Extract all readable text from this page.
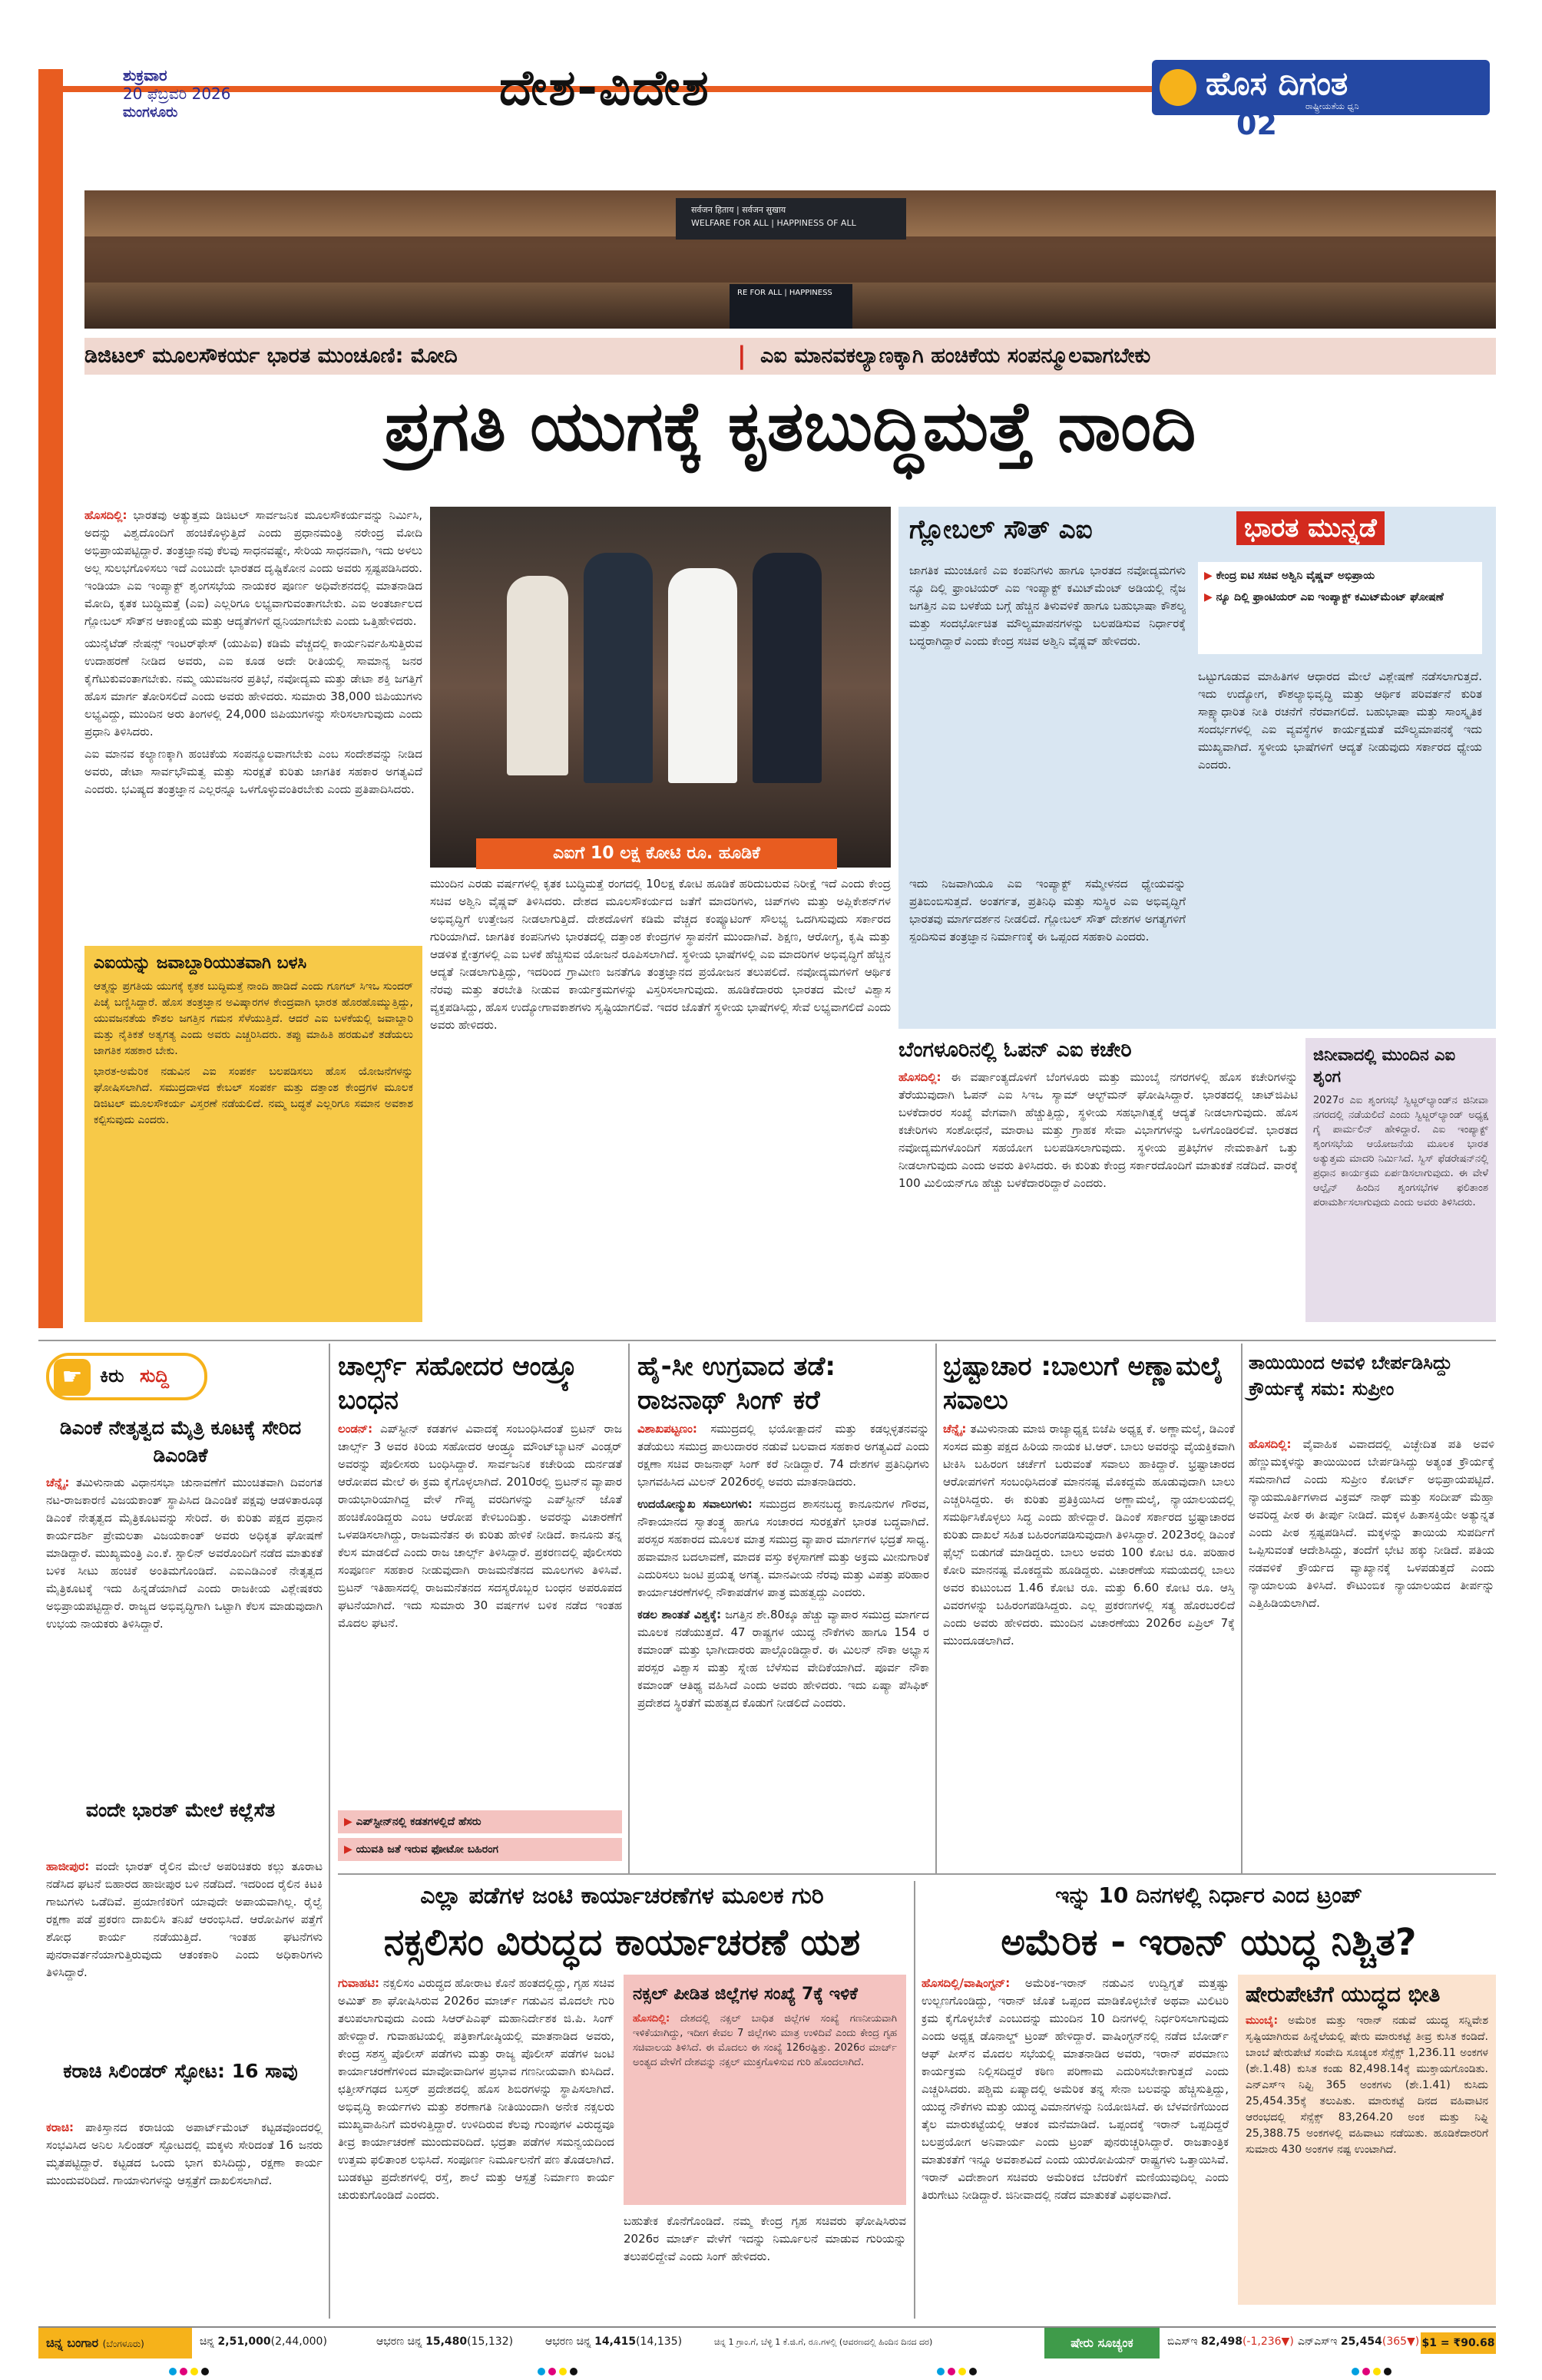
ಶುಕ್ರವಾರ
20 ಫೆಬ್ರವರಿ 2026
ಮಂಗಳೂರು	ದೇಶ-ವಿದೇಶ	ಹೊಸ ದಿಗಂತ
ರಾಷ್ಟ್ರೀಯತೆಯ ಧ್ವನಿ
02
सर्वजन हिताय | सर्वजन सुखाय
WELFARE FOR ALL | HAPPINESS OF ALL
RE FOR ALL | HAPPINESS
ಡಿಜಿಟಲ್ ಮೂಲಸೌಕರ್ಯ ಭಾರತ ಮುಂಚೂಣಿ: ಮೋದಿ	| ಎಐ ಮಾನವಕಲ್ಯಾಣಕ್ಕಾಗಿ ಹಂಚಿಕೆಯ ಸಂಪನ್ಮೂಲವಾಗಬೇಕು
ಪ್ರಗತಿ ಯುಗಕ್ಕೆ ಕೃತಬುದ್ಧಿಮತ್ತೆ ನಾಂದಿ

ಹೊಸದಿಲ್ಲಿ: ಭಾರತವು ಅತ್ಯುತ್ತಮ ಡಿಜಿಟಲ್ ಸಾರ್ವಜನಿಕ ಮೂಲಸೌಕರ್ಯವನ್ನು ನಿರ್ಮಿಸಿ, ಅದನ್ನು ವಿಶ್ವದೊಂದಿಗೆ ಹಂಚಿಕೊಳ್ಳುತ್ತಿದೆ ಎಂದು ಪ್ರಧಾನಮಂತ್ರಿ ನರೇಂದ್ರ ಮೋದಿ ಅಭಿಪ್ರಾಯಪಟ್ಟಿದ್ದಾರೆ. ತಂತ್ರಜ್ಞಾನವು ಕೆಲವು ಸಾಧನವಷ್ಟೇ, ಸೇರಿಯ ಸಾಧನವಾಗಿ, ಇದು ಅಳಲು ಅಲ್ಲ ಸುಲಭಗೊಳಿಸಲು ಇದೆ ಎಂಬುದೇ ಭಾರತದ ದೃಷ್ಟಿಕೋನ ಎಂದು ಅವರು ಸ್ಪಷ್ಟಪಡಿಸಿದರು. ಇಂಡಿಯಾ ಎಐ ಇಂಪ್ಯಾಕ್ಟ್ ಶೃಂಗಸಭೆಯ ನಾಯಕರ ಪೂರ್ಣ ಅಧಿವೇಶನದಲ್ಲಿ ಮಾತನಾಡಿದ ಮೋದಿ, ಕೃತಕ ಬುದ್ಧಿಮತ್ತೆ (ಎಐ) ಎಲ್ಲರಿಗೂ ಲಭ್ಯವಾಗುವಂತಾಗಬೇಕು. ಎಐ ಅಂತರ್ಜಾಲದ ಗ್ಲೋಬಲ್ ಸೌತ್‌ನ ಆಕಾಂಕ್ಷೆಯ ಮತ್ತು ಆದ್ಯತೆಗಳಿಗೆ ಧ್ವನಿಯಾಗಬೇಕು ಎಂದು ಒತ್ತಿಹೇಳಿದರು.

ಯುನೈಟೆಡ್ ನೇಷನ್ಸ್ ಇಂಟರ್‌ಫೇಸ್ (ಯುಪಿಐ) ಕಡಿಮೆ ವೆಚ್ಚದಲ್ಲಿ ಕಾರ್ಯನಿರ್ವಹಿಸುತ್ತಿರುವ ಉದಾಹರಣೆ ನೀಡಿದ ಅವರು, ಎಐ ಕೂಡ ಅದೇ ರೀತಿಯಲ್ಲಿ ಸಾಮಾನ್ಯ ಜನರ ಕೈಗೆಟುಕುವಂತಾಗಬೇಕು. ನಮ್ಮ ಯುವಜನರ ಪ್ರತಿಭೆ, ನವೋದ್ಯಮ ಮತ್ತು ಡೇಟಾ ಶಕ್ತಿ ಜಗತ್ತಿಗೆ ಹೊಸ ಮಾರ್ಗ ತೋರಿಸಲಿದೆ ಎಂದು ಅವರು ಹೇಳಿದರು. ಸುಮಾರು 38,000 ಜಿಪಿಯುಗಳು ಲಭ್ಯವಿದ್ದು, ಮುಂದಿನ ಅರು ತಿಂಗಳಲ್ಲಿ 24,000 ಜಿಪಿಯುಗಳನ್ನು ಸೇರಿಸಲಾಗುವುದು ಎಂದು ಪ್ರಧಾನಿ ತಿಳಿಸಿದರು.

ಎಐ ಮಾನವ ಕಲ್ಯಾಣಕ್ಕಾಗಿ ಹಂಚಿಕೆಯ ಸಂಪನ್ಮೂಲವಾಗಬೇಕು ಎಂಬ ಸಂದೇಶವನ್ನು ನೀಡಿದ ಅವರು, ಡೇಟಾ ಸಾರ್ವಭೌಮತ್ವ ಮತ್ತು ಸುರಕ್ಷತೆ ಕುರಿತು ಜಾಗತಿಕ ಸಹಕಾರ ಅಗತ್ಯವಿದೆ ಎಂದರು. ಭವಿಷ್ಯದ ತಂತ್ರಜ್ಞಾನ ಎಲ್ಲರನ್ನೂ ಒಳಗೊಳ್ಳುವಂತಿರಬೇಕು ಎಂದು ಪ್ರತಿಪಾದಿಸಿದರು.

ಎಐಗೆ 10 ಲಕ್ಷ ಕೋಟಿ ರೂ. ಹೂಡಿಕೆ

ಮುಂದಿನ ಎರಡು ವರ್ಷಗಳಲ್ಲಿ ಕೃತಕ ಬುದ್ಧಿಮತ್ತೆ ರಂಗದಲ್ಲಿ 10ಲಕ್ಷ ಕೋಟಿ ಹೂಡಿಕೆ ಹರಿದುಬರುವ ನಿರೀಕ್ಷೆ ಇದೆ ಎಂದು ಕೇಂದ್ರ ಸಚಿವ ಅಶ್ವಿನಿ ವೈಷ್ಣವ್ ತಿಳಿಸಿದರು. ದೇಶದ ಮೂಲಸೌಕರ್ಯದ ಜತೆಗೆ ಮಾದರಿಗಳು, ಚಿಪ್‌ಗಳು ಮತ್ತು ಅಪ್ಲಿಕೇಶನ್‌ಗಳ ಅಭಿವೃದ್ಧಿಗೆ ಉತ್ತೇಜನ ನೀಡಲಾಗುತ್ತಿದೆ. ದೇಶದೊಳಗೆ ಕಡಿಮೆ ವೆಚ್ಚದ ಕಂಪ್ಯೂಟಿಂಗ್ ಸೌಲಭ್ಯ ಒದಗಿಸುವುದು ಸರ್ಕಾರದ ಗುರಿಯಾಗಿದೆ. ಜಾಗತಿಕ ಕಂಪನಿಗಳು ಭಾರತದಲ್ಲಿ ದತ್ತಾಂಶ ಕೇಂದ್ರಗಳ ಸ್ಥಾಪನೆಗೆ ಮುಂದಾಗಿವೆ. ಶಿಕ್ಷಣ, ಆರೋಗ್ಯ, ಕೃಷಿ ಮತ್ತು ಆಡಳಿತ ಕ್ಷೇತ್ರಗಳಲ್ಲಿ ಎಐ ಬಳಕೆ ಹೆಚ್ಚಿಸುವ ಯೋಜನೆ ರೂಪಿಸಲಾಗಿದೆ. ಸ್ಥಳೀಯ ಭಾಷೆಗಳಲ್ಲಿ ಎಐ ಮಾದರಿಗಳ ಅಭಿವೃದ್ಧಿಗೆ ಹೆಚ್ಚಿನ ಆದ್ಯತೆ ನೀಡಲಾಗುತ್ತಿದ್ದು, ಇದರಿಂದ ಗ್ರಾಮೀಣ ಜನತೆಗೂ ತಂತ್ರಜ್ಞಾನದ ಪ್ರಯೋಜನ ತಲುಪಲಿದೆ. ನವೋದ್ಯಮಗಳಿಗೆ ಆರ್ಥಿಕ ನೆರವು ಮತ್ತು ತರಬೇತಿ ನೀಡುವ ಕಾರ್ಯಕ್ರಮಗಳನ್ನು ವಿಸ್ತರಿಸಲಾಗುವುದು. ಹೂಡಿಕೆದಾರರು ಭಾರತದ ಮೇಲೆ ವಿಶ್ವಾಸ ವ್ಯಕ್ತಪಡಿಸಿದ್ದು, ಹೊಸ ಉದ್ಯೋಗಾವಕಾಶಗಳು ಸೃಷ್ಟಿಯಾಗಲಿವೆ. ಇದರ ಜೊತೆಗೆ ಸ್ಥಳೀಯ ಭಾಷೆಗಳಲ್ಲಿ ಸೇವೆ ಲಭ್ಯವಾಗಲಿದೆ ಎಂದು ಅವರು ಹೇಳಿದರು.

ಎಐಯನ್ನು ಜವಾಬ್ದಾರಿಯುತವಾಗಿ ಬಳಸಿ

ಆತ್ಮನ್ನು ಪ್ರಗತಿಯ ಯುಗಕ್ಕೆ ಕೃತಕ ಬುದ್ಧಿಮತ್ತೆ ನಾಂದಿ ಹಾಡಿದೆ ಎಂದು ಗೂಗಲ್ ಸಿಇಒ ಸುಂದರ್ ಪಿಚೈ ಬಣ್ಣಿಸಿದ್ದಾರೆ. ಹೊಸ ತಂತ್ರಜ್ಞಾನ ಅವಿಷ್ಕಾರಗಳ ಕೇಂದ್ರವಾಗಿ ಭಾರತ ಹೊರಹೊಮ್ಮುತ್ತಿದ್ದು, ಯುವಜನತೆಯ ಕೌಶಲ ಜಗತ್ತಿನ ಗಮನ ಸೆಳೆಯುತ್ತಿದೆ. ಆದರೆ ಎಐ ಬಳಕೆಯಲ್ಲಿ ಜವಾಬ್ದಾರಿ ಮತ್ತು ನೈತಿಕತೆ ಅತ್ಯಗತ್ಯ ಎಂದು ಅವರು ಎಚ್ಚರಿಸಿದರು. ತಪ್ಪು ಮಾಹಿತಿ ಹರಡುವಿಕೆ ತಡೆಯಲು ಜಾಗತಿಕ ಸಹಕಾರ ಬೇಕು.

ಭಾರತ-ಅಮೆರಿಕ ನಡುವಿನ ಎಐ ಸಂಪರ್ಕ ಬಲಪಡಿಸಲು ಹೊಸ ಯೋಜನೆಗಳನ್ನು ಘೋಷಿಸಲಾಗಿದೆ. ಸಮುದ್ರದಾಳದ ಕೇಬಲ್ ಸಂಪರ್ಕ ಮತ್ತು ದತ್ತಾಂಶ ಕೇಂದ್ರಗಳ ಮೂಲಕ ಡಿಜಿಟಲ್ ಮೂಲಸೌಕರ್ಯ ವಿಸ್ತರಣೆ ನಡೆಯಲಿದೆ. ನಮ್ಮ ಬದ್ಧತೆ ಎಲ್ಲರಿಗೂ ಸಮಾನ ಅವಕಾಶ ಕಲ್ಪಿಸುವುದು ಎಂದರು.

ಗ್ಲೋಬಲ್ ಸೌತ್ ಎಐ	ಭಾರತ ಮುನ್ನಡೆ
ಜಾಗತಿಕ ಮುಂಚೂಣಿ ಎಐ ಕಂಪನಿಗಳು ಹಾಗೂ ಭಾರತದ ನವೋದ್ಯಮಗಳು ನ್ಯೂ ದಿಲ್ಲಿ ಫ್ರಾಂಟಿಯರ್ ಎಐ ಇಂಪ್ಯಾಕ್ಟ್ ಕಮಿಟ್‌ಮೆಂಟ್ ಅಡಿಯಲ್ಲಿ ನೈಜ ಜಗತ್ತಿನ ಎಐ ಬಳಕೆಯ ಬಗ್ಗೆ ಹೆಚ್ಚಿನ ತಿಳುವಳಿಕೆ ಹಾಗೂ ಬಹುಭಾಷಾ ಕೌಶಲ್ಯ ಮತ್ತು ಸಂದರ್ಭೋಚಿತ ಮೌಲ್ಯಮಾಪನಗಳನ್ನು ಬಲಪಡಿಸುವ ನಿರ್ಧಾರಕ್ಕೆ ಬದ್ಧರಾಗಿದ್ದಾರೆ ಎಂದು ಕೇಂದ್ರ ಸಚಿವ ಅಶ್ವಿನಿ ವೈಷ್ಣವ್ ಹೇಳಿದರು.
▶ ಕೇಂದ್ರ ಐಟಿ ಸಚಿವ ಅಶ್ವಿನಿ ವೈಷ್ಣವ್ ಅಭಿಪ್ರಾಯ
▶ ನ್ಯೂ ದಿಲ್ಲಿ ಫ್ರಾಂಟಿಯರ್ ಎಐ ಇಂಪ್ಯಾಕ್ಟ್ ಕಮಿಟ್‌ಮೆಂಟ್ ಘೋಷಣೆ
ಒಟ್ಟುಗೂಡುವ ಮಾಹಿತಿಗಳ ಆಧಾರದ ಮೇಲೆ ವಿಶ್ಲೇಷಣೆ ನಡೆಸಲಾಗುತ್ತದೆ. ಇದು ಉದ್ಯೋಗ, ಕೌಶಲ್ಯಾಭಿವೃದ್ಧಿ ಮತ್ತು ಆರ್ಥಿಕ ಪರಿವರ್ತನೆ ಕುರಿತ ಸಾಕ್ಷ್ಯಾಧಾರಿತ ನೀತಿ ರಚನೆಗೆ ನೆರವಾಗಲಿದೆ. ಬಹುಭಾಷಾ ಮತ್ತು ಸಾಂಸ್ಕೃತಿಕ ಸಂದರ್ಭಗಳಲ್ಲಿ ಎಐ ವ್ಯವಸ್ಥೆಗಳ ಕಾರ್ಯಕ್ಷಮತೆ ಮೌಲ್ಯಮಾಪನಕ್ಕೆ ಇದು ಮುಖ್ಯವಾಗಿದೆ. ಸ್ಥಳೀಯ ಭಾಷೆಗಳಿಗೆ ಆದ್ಯತೆ ನೀಡುವುದು ಸರ್ಕಾರದ ಧ್ಯೇಯ ಎಂದರು.
ಇದು ನಿಜವಾಗಿಯೂ ಎಐ ಇಂಪ್ಯಾಕ್ಟ್ ಸಮ್ಮೇಳನದ ಧ್ಯೇಯವನ್ನು ಪ್ರತಿಬಿಂಬಿಸುತ್ತದೆ. ಅಂತರ್ಗತ, ಪ್ರತಿನಿಧಿ ಮತ್ತು ಸುಸ್ಥಿರ ಎಐ ಅಭಿವೃದ್ಧಿಗೆ ಭಾರತವು ಮಾರ್ಗದರ್ಶನ ನೀಡಲಿದೆ. ಗ್ಲೋಬಲ್ ಸೌತ್ ದೇಶಗಳ ಅಗತ್ಯಗಳಿಗೆ ಸ್ಪಂದಿಸುವ ತಂತ್ರಜ್ಞಾನ ನಿರ್ಮಾಣಕ್ಕೆ ಈ ಒಪ್ಪಂದ ಸಹಕಾರಿ ಎಂದರು.
ಬೆಂಗಳೂರಿನಲ್ಲಿ ಓಪನ್ ಎಐ ಕಚೇರಿ

ಹೊಸದಿಲ್ಲಿ: ಈ ವರ್ಷಾಂತ್ಯದೊಳಗೆ ಬೆಂಗಳೂರು ಮತ್ತು ಮುಂಬೈ ನಗರಗಳಲ್ಲಿ ಹೊಸ ಕಚೇರಿಗಳನ್ನು ತೆರೆಯುವುದಾಗಿ ಓಪನ್ ಎಐ ಸಿಇಒ ಸ್ಯಾಮ್ ಆಲ್ಟ್‌ಮನ್ ಘೋಷಿಸಿದ್ದಾರೆ. ಭಾರತದಲ್ಲಿ ಚಾಟ್‌ಜಿಪಿಟಿ ಬಳಕೆದಾರರ ಸಂಖ್ಯೆ ವೇಗವಾಗಿ ಹೆಚ್ಚುತ್ತಿದ್ದು, ಸ್ಥಳೀಯ ಸಹಭಾಗಿತ್ವಕ್ಕೆ ಆದ್ಯತೆ ನೀಡಲಾಗುವುದು. ಹೊಸ ಕಚೇರಿಗಳು ಸಂಶೋಧನೆ, ಮಾರಾಟ ಮತ್ತು ಗ್ರಾಹಕ ಸೇವಾ ವಿಭಾಗಗಳನ್ನು ಒಳಗೊಂಡಿರಲಿವೆ. ಭಾರತದ ನವೋದ್ಯಮಗಳೊಂದಿಗೆ ಸಹಯೋಗ ಬಲಪಡಿಸಲಾಗುವುದು. ಸ್ಥಳೀಯ ಪ್ರತಿಭೆಗಳ ನೇಮಕಾತಿಗೆ ಒತ್ತು ನೀಡಲಾಗುವುದು ಎಂದು ಅವರು ತಿಳಿಸಿದರು. ಈ ಕುರಿತು ಕೇಂದ್ರ ಸರ್ಕಾರದೊಂದಿಗೆ ಮಾತುಕತೆ ನಡೆದಿದೆ. ವಾರಕ್ಕೆ 100 ಮಿಲಿಯನ್‌ಗೂ ಹೆಚ್ಚು ಬಳಕೆದಾರರಿದ್ದಾರೆ ಎಂದರು.

ಜಿನೀವಾದಲ್ಲಿ ಮುಂದಿನ ಎಐ ಶೃಂಗ
2027ರ ಎಐ ಶೃಂಗಸಭೆ ಸ್ವಿಟ್ಜರ್‌ಲ್ಯಾಂಡ್‌ನ ಜಿನೀವಾ ನಗರದಲ್ಲಿ ನಡೆಯಲಿದೆ ಎಂದು ಸ್ವಿಟ್ಜರ್‌ಲ್ಯಾಂಡ್ ಅಧ್ಯಕ್ಷ ಗೈ ಪಾರ್ಮಲಿನ್ ಹೇಳಿದ್ದಾರೆ. ಎಐ ಇಂಪ್ಯಾಕ್ಟ್ ಶೃಂಗಸಭೆಯ ಆಯೋಜನೆಯ ಮೂಲಕ ಭಾರತ ಅತ್ಯುತ್ತಮ ಮಾದರಿ ನಿರ್ಮಿಸಿದೆ. ಸ್ವಿಸ್ ಫೆಡರೇಷನ್‌ನಲ್ಲಿ ಪ್ರಧಾನ ಕಾರ್ಯಕ್ರಮ ಏರ್ಪಡಿಸಲಾಗುವುದು. ಈ ವೇಳೆ ಆಲ್ಪೈನ್ ಹಿಂದಿನ ಶೃಂಗಸಭೆಗಳ ಫಲಿತಾಂಶ ಪರಾಮರ್ಶಿಸಲಾಗುವುದು ಎಂದು ಅವರು ತಿಳಿಸಿದರು.
☛ ಕಿರು ಸುದ್ದಿ
ಡಿಎಂಕೆ ನೇತೃತ್ವದ ಮೈತ್ರಿ ಕೂಟಕ್ಕೆ ಸೇರಿದ ಡಿಎಂಡಿಕೆ

ಚೆನ್ನೈ: ತಮಿಳುನಾಡು ವಿಧಾನಸಭಾ ಚುನಾವಣೆಗೆ ಮುಂಚಿತವಾಗಿ ದಿವಂಗತ ನಟ-ರಾಜಕಾರಣಿ ವಿಜಯಕಾಂತ್ ಸ್ಥಾಪಿಸಿದ ಡಿಎಂಡಿಕೆ ಪಕ್ಷವು ಆಡಳಿತಾರೂಢ ಡಿಎಂಕೆ ನೇತೃತ್ವದ ಮೈತ್ರಿಕೂಟವನ್ನು ಸೇರಿದೆ. ಈ ಕುರಿತು ಪಕ್ಷದ ಪ್ರಧಾನ ಕಾರ್ಯದರ್ಶಿ ಪ್ರೇಮಲತಾ ವಿಜಯಕಾಂತ್ ಅವರು ಅಧಿಕೃತ ಘೋಷಣೆ ಮಾಡಿದ್ದಾರೆ. ಮುಖ್ಯಮಂತ್ರಿ ಎಂ.ಕೆ. ಸ್ಟಾಲಿನ್ ಅವರೊಂದಿಗೆ ನಡೆದ ಮಾತುಕತೆ ಬಳಿಕ ಸೀಟು ಹಂಚಿಕೆ ಅಂತಿಮಗೊಂಡಿದೆ. ಎಐಎಡಿಎಂಕೆ ನೇತೃತ್ವದ ಮೈತ್ರಿಕೂಟಕ್ಕೆ ಇದು ಹಿನ್ನಡೆಯಾಗಿದೆ ಎಂದು ರಾಜಕೀಯ ವಿಶ್ಲೇಷಕರು ಅಭಿಪ್ರಾಯಪಟ್ಟಿದ್ದಾರೆ. ರಾಜ್ಯದ ಅಭಿವೃದ್ಧಿಗಾಗಿ ಒಟ್ಟಾಗಿ ಕೆಲಸ ಮಾಡುವುದಾಗಿ ಉಭಯ ನಾಯಕರು ತಿಳಿಸಿದ್ದಾರೆ.

ವಂದೇ ಭಾರತ್ ಮೇಲೆ ಕಲ್ಲೆಸೆತ

ಹಾಜೀಪುರ: ವಂದೇ ಭಾರತ್ ರೈಲಿನ ಮೇಲೆ ಅಪರಿಚಿತರು ಕಲ್ಲು ತೂರಾಟ ನಡೆಸಿದ ಘಟನೆ ಬಿಹಾರದ ಹಾಜೀಪುರ ಬಳಿ ನಡೆದಿದೆ. ಇದರಿಂದ ರೈಲಿನ ಕಿಟಕಿ ಗಾಜುಗಳು ಒಡೆದಿವೆ. ಪ್ರಯಾಣಿಕರಿಗೆ ಯಾವುದೇ ಅಪಾಯವಾಗಿಲ್ಲ. ರೈಲ್ವೆ ರಕ್ಷಣಾ ಪಡೆ ಪ್ರಕರಣ ದಾಖಲಿಸಿ ತನಿಖೆ ಆರಂಭಿಸಿದೆ. ಆರೋಪಿಗಳ ಪತ್ತೆಗೆ ಶೋಧ ಕಾರ್ಯ ನಡೆಯುತ್ತಿದೆ. ಇಂತಹ ಘಟನೆಗಳು ಪುನರಾವರ್ತನೆಯಾಗುತ್ತಿರುವುದು ಆತಂಕಕಾರಿ ಎಂದು ಅಧಿಕಾರಿಗಳು ತಿಳಿಸಿದ್ದಾರೆ.

ಕರಾಚಿ ಸಿಲಿಂಡರ್ ಸ್ಫೋಟ: 16 ಸಾವು

ಕರಾಚಿ: ಪಾಕಿಸ್ತಾನದ ಕರಾಚಿಯ ಅಪಾರ್ಟ್‌ಮೆಂಟ್ ಕಟ್ಟಡವೊಂದರಲ್ಲಿ ಸಂಭವಿಸಿದ ಅನಿಲ ಸಿಲಿಂಡರ್ ಸ್ಫೋಟದಲ್ಲಿ ಮಕ್ಕಳು ಸೇರಿದಂತೆ 16 ಜನರು ಮೃತಪಟ್ಟಿದ್ದಾರೆ. ಕಟ್ಟಡದ ಒಂದು ಭಾಗ ಕುಸಿದಿದ್ದು, ರಕ್ಷಣಾ ಕಾರ್ಯ ಮುಂದುವರಿದಿದೆ. ಗಾಯಾಳುಗಳನ್ನು ಆಸ್ಪತ್ರೆಗೆ ದಾಖಲಿಸಲಾಗಿದೆ.

ಚಾರ್ಲ್ಸ್ ಸಹೋದರ ಆಂಡ್ರ್ಯೂ ಬಂಧನ

ಲಂಡನ್: ಎಪ್‌ಸ್ಟೀನ್ ಕಡತಗಳ ವಿವಾದಕ್ಕೆ ಸಂಬಂಧಿಸಿದಂತೆ ಬ್ರಿಟನ್ ರಾಜ ಚಾರ್ಲ್ಸ್ 3 ಅವರ ಕಿರಿಯ ಸಹೋದರ ಆಂಡ್ರ್ಯೂ ಮೌಂಟ್‌ಬ್ಯಾಟನ್ ವಿಂಡ್ಸರ್ ಅವರನ್ನು ಪೊಲೀಸರು ಬಂಧಿಸಿದ್ದಾರೆ. ಸಾರ್ವಜನಿಕ ಕಚೇರಿಯ ದುರ್ನಡತೆ ಆರೋಪದ ಮೇಲೆ ಈ ಕ್ರಮ ಕೈಗೊಳ್ಳಲಾಗಿದೆ. 2010ರಲ್ಲಿ ಬ್ರಿಟನ್‌ನ ವ್ಯಾಪಾರ ರಾಯಭಾರಿಯಾಗಿದ್ದ ವೇಳೆ ಗೌಪ್ಯ ವರದಿಗಳನ್ನು ಎಪ್‌ಸ್ಟೀನ್ ಜೊತೆ ಹಂಚಿಕೊಂಡಿದ್ದರು ಎಂಬ ಆರೋಪ ಕೇಳಿಬಂದಿತ್ತು. ಅವರನ್ನು ವಿಚಾರಣೆಗೆ ಒಳಪಡಿಸಲಾಗಿದ್ದು, ರಾಜಮನೆತನ ಈ ಕುರಿತು ಹೇಳಿಕೆ ನೀಡಿದೆ. ಕಾನೂನು ತನ್ನ ಕೆಲಸ ಮಾಡಲಿದೆ ಎಂದು ರಾಜ ಚಾರ್ಲ್ಸ್ ತಿಳಿಸಿದ್ದಾರೆ. ಪ್ರಕರಣದಲ್ಲಿ ಪೊಲೀಸರು ಸಂಪೂರ್ಣ ಸಹಕಾರ ನೀಡುವುದಾಗಿ ರಾಜಮನೆತನದ ಮೂಲಗಳು ತಿಳಿಸಿವೆ. ಬ್ರಿಟನ್ ಇತಿಹಾಸದಲ್ಲಿ ರಾಜಮನೆತನದ ಸದಸ್ಯರೊಬ್ಬರ ಬಂಧನ ಅಪರೂಪದ ಘಟನೆಯಾಗಿದೆ. ಇದು ಸುಮಾರು 30 ವರ್ಷಗಳ ಬಳಿಕ ನಡೆದ ಇಂತಹ ಮೊದಲ ಘಟನೆ.

▶ ಎಪ್‌ಸ್ಟೀನ್‌ನಲ್ಲಿ ಕಡತಗಳಲ್ಲಿದೆ ಹೆಸರು
▶ ಯುವತಿ ಜತೆ ಇರುವ ಫೋಟೋ ಬಹಿರಂಗ
ಹೈ-ಸೀ ಉಗ್ರವಾದ ತಡೆ: ರಾಜನಾಥ್ ಸಿಂಗ್ ಕರೆ

ವಿಶಾಖಪಟ್ಟಣಂ: ಸಮುದ್ರದಲ್ಲಿ ಭಯೋತ್ಪಾದನೆ ಮತ್ತು ಕಡಲ್ಗಳ್ಳತನವನ್ನು ತಡೆಯಲು ಸಮುದ್ರ ಪಾಲುದಾರರ ನಡುವೆ ಬಲವಾದ ಸಹಕಾರ ಅಗತ್ಯವಿದೆ ಎಂದು ರಕ್ಷಣಾ ಸಚಿವ ರಾಜನಾಥ್ ಸಿಂಗ್ ಕರೆ ನೀಡಿದ್ದಾರೆ. 74 ದೇಶಗಳ ಪ್ರತಿನಿಧಿಗಳು ಭಾಗವಹಿಸಿದ ಮಿಲನ್ 2026ರಲ್ಲಿ ಅವರು ಮಾತನಾಡಿದರು.

ಉದಯೋನ್ಮುಖ ಸವಾಲುಗಳು: ಸಮುದ್ರದ ಶಾಸನಬದ್ಧ ಕಾನೂನುಗಳ ಗೌರವ, ನೌಕಾಯಾನದ ಸ್ವಾತಂತ್ರ್ಯ ಹಾಗೂ ಸಂಚಾರದ ಸುರಕ್ಷತೆಗೆ ಭಾರತ ಬದ್ಧವಾಗಿದೆ. ಪರಸ್ಪರ ಸಹಕಾರದ ಮೂಲಕ ಮಾತ್ರ ಸಮುದ್ರ ವ್ಯಾಪಾರ ಮಾರ್ಗಗಳ ಭದ್ರತೆ ಸಾಧ್ಯ. ಹವಾಮಾನ ಬದಲಾವಣೆ, ಮಾದಕ ವಸ್ತು ಕಳ್ಳಸಾಗಣೆ ಮತ್ತು ಅಕ್ರಮ ಮೀನುಗಾರಿಕೆ ಎದುರಿಸಲು ಜಂಟಿ ಪ್ರಯತ್ನ ಅಗತ್ಯ. ಮಾನವೀಯ ನೆರವು ಮತ್ತು ವಿಪತ್ತು ಪರಿಹಾರ ಕಾರ್ಯಾಚರಣೆಗಳಲ್ಲಿ ನೌಕಾಪಡೆಗಳ ಪಾತ್ರ ಮಹತ್ವದ್ದು ಎಂದರು.

ಕಡಲ ಶಾಂತತೆ ವಿಶ್ವಕ್ಕೆ: ಜಗತ್ತಿನ ಶೇ.80ಕ್ಕೂ ಹೆಚ್ಚು ವ್ಯಾಪಾರ ಸಮುದ್ರ ಮಾರ್ಗದ ಮೂಲಕ ನಡೆಯುತ್ತದೆ. 47 ರಾಷ್ಟ್ರಗಳ ಯುದ್ಧ ನೌಕೆಗಳು ಹಾಗೂ 154 ರ ಕಮಾಂಡ್ ಮತ್ತು ಭಾಗೀದಾರರು ಪಾಲ್ಗೊಂಡಿದ್ದಾರೆ. ಈ ಮಿಲನ್ ನೌಕಾ ಅಭ್ಯಾಸ ಪರಸ್ಪರ ವಿಶ್ವಾಸ ಮತ್ತು ಸ್ನೇಹ ಬೆಳೆಸುವ ವೇದಿಕೆಯಾಗಿದೆ. ಪೂರ್ವ ನೌಕಾ ಕಮಾಂಡ್ ಆತಿಥ್ಯ ವಹಿಸಿದೆ ಎಂದು ಅವರು ಹೇಳಿದರು. ಇದು ಏಷ್ಯಾ ಪೆಸಿಫಿಕ್ ಪ್ರದೇಶದ ಸ್ಥಿರತೆಗೆ ಮಹತ್ವದ ಕೊಡುಗೆ ನೀಡಲಿದೆ ಎಂದರು.

ಭ್ರಷ್ಟಾಚಾರ :ಬಾಲುಗೆ ಅಣ್ಣಾಮಲೈ ಸವಾಲು

ಚೆನ್ನೈ: ತಮಿಳುನಾಡು ಮಾಜಿ ರಾಜ್ಯಾಧ್ಯಕ್ಷ ಬಿಜೆಪಿ ಅಧ್ಯಕ್ಷ ಕೆ. ಅಣ್ಣಾಮಲೈ, ಡಿಎಂಕೆ ಸಂಸದ ಮತ್ತು ಪಕ್ಷದ ಹಿರಿಯ ನಾಯಕ ಟಿ.ಆರ್. ಬಾಲು ಅವರನ್ನು ವೈಯಕ್ತಿಕವಾಗಿ ಟೀಕಿಸಿ ಬಹಿರಂಗ ಚರ್ಚೆಗೆ ಬರುವಂತೆ ಸವಾಲು ಹಾಕಿದ್ದಾರೆ. ಭ್ರಷ್ಟಾಚಾರದ ಆರೋಪಗಳಿಗೆ ಸಂಬಂಧಿಸಿದಂತೆ ಮಾನನಷ್ಟ ಮೊಕದ್ದಮೆ ಹೂಡುವುದಾಗಿ ಬಾಲು ಎಚ್ಚರಿಸಿದ್ದರು. ಈ ಕುರಿತು ಪ್ರತಿಕ್ರಿಯಿಸಿದ ಅಣ್ಣಾಮಲೈ, ನ್ಯಾಯಾಲಯದಲ್ಲಿ ಸಮರ್ಥಿಸಿಕೊಳ್ಳಲು ಸಿದ್ಧ ಎಂದು ಹೇಳಿದ್ದಾರೆ. ಡಿಎಂಕೆ ಸರ್ಕಾರದ ಭ್ರಷ್ಟಾಚಾರದ ಕುರಿತು ದಾಖಲೆ ಸಹಿತ ಬಹಿರಂಗಪಡಿಸುವುದಾಗಿ ತಿಳಿಸಿದ್ದಾರೆ. 2023ರಲ್ಲಿ ಡಿಎಂಕೆ ಫೈಲ್ಸ್ ಬಿಡುಗಡೆ ಮಾಡಿದ್ದರು. ಬಾಲು ಅವರು 100 ಕೋಟಿ ರೂ. ಪರಿಹಾರ ಕೋರಿ ಮಾನನಷ್ಟ ಮೊಕದ್ದಮೆ ಹೂಡಿದ್ದರು. ವಿಚಾರಣೆಯ ಸಮಯದಲ್ಲಿ ಬಾಲು ಅವರ ಕುಟುಂಬದ 1.46 ಕೋಟಿ ರೂ. ಮತ್ತು 6.60 ಕೋಟಿ ರೂ. ಆಸ್ತಿ ವಿವರಗಳನ್ನು ಬಹಿರಂಗಪಡಿಸಿದ್ದರು. ಎಲ್ಲ ಪ್ರಕರಣಗಳಲ್ಲಿ ಸತ್ಯ ಹೊರಬರಲಿದೆ ಎಂದು ಅವರು ಹೇಳಿದರು. ಮುಂದಿನ ವಿಚಾರಣೆಯು 2026ರ ಏಪ್ರಿಲ್ 7ಕ್ಕೆ ಮುಂದೂಡಲಾಗಿದೆ.

ತಾಯಿಯಿಂದ ಅವಳಿ ಬೇರ್ಪಡಿಸಿದ್ದು ಕ್ರೌರ್ಯಕ್ಕೆ ಸಮ: ಸುಪ್ರೀಂ

ಹೊಸದಿಲ್ಲಿ: ವೈವಾಹಿಕ ವಿವಾದದಲ್ಲಿ ವಿಚ್ಛೇದಿತ ಪತಿ ಅವಳಿ ಹೆಣ್ಣುಮಕ್ಕಳನ್ನು ತಾಯಿಯಿಂದ ಬೇರ್ಪಡಿಸಿದ್ದು ಅತ್ಯಂತ ಕ್ರೌರ್ಯಕ್ಕೆ ಸಮನಾಗಿದೆ ಎಂದು ಸುಪ್ರೀಂ ಕೋರ್ಟ್ ಅಭಿಪ್ರಾಯಪಟ್ಟಿದೆ. ನ್ಯಾಯಮೂರ್ತಿಗಳಾದ ವಿಕ್ರಮ್ ನಾಥ್ ಮತ್ತು ಸಂದೀಪ್ ಮೆಹ್ತಾ ಅವರಿದ್ದ ಪೀಠ ಈ ತೀರ್ಪು ನೀಡಿದೆ. ಮಕ್ಕಳ ಹಿತಾಸಕ್ತಿಯೇ ಅತ್ಯುನ್ನತ ಎಂದು ಪೀಠ ಸ್ಪಷ್ಟಪಡಿಸಿದೆ. ಮಕ್ಕಳನ್ನು ತಾಯಿಯ ಸುಪರ್ದಿಗೆ ಒಪ್ಪಿಸುವಂತೆ ಆದೇಶಿಸಿದ್ದು, ತಂದೆಗೆ ಭೇಟಿ ಹಕ್ಕು ನೀಡಿದೆ. ಪತಿಯ ನಡವಳಿಕೆ ಕ್ರೌರ್ಯದ ವ್ಯಾಖ್ಯಾನಕ್ಕೆ ಒಳಪಡುತ್ತದೆ ಎಂದು ನ್ಯಾಯಾಲಯ ತಿಳಿಸಿದೆ. ಕೌಟುಂಬಿಕ ನ್ಯಾಯಾಲಯದ ತೀರ್ಪನ್ನು ಎತ್ತಿಹಿಡಿಯಲಾಗಿದೆ.

ಎಲ್ಲಾ ಪಡೆಗಳ ಜಂಟಿ ಕಾರ್ಯಾಚರಣೆಗಳ ಮೂಲಕ ಗುರಿ
ನಕ್ಸಲಿಸಂ ವಿರುದ್ಧದ ಕಾರ್ಯಾಚರಣೆ ಯಶ

ಗುವಾಹಟಿ: ನಕ್ಸಲಿಸಂ ವಿರುದ್ಧದ ಹೋರಾಟ ಕೊನೆ ಹಂತದಲ್ಲಿದ್ದು, ಗೃಹ ಸಚಿವ ಅಮಿತ್ ಶಾ ಘೋಷಿಸಿರುವ 2026ರ ಮಾರ್ಚ್ ಗಡುವಿನ ಮೊದಲೇ ಗುರಿ ತಲುಪಲಾಗುವುದು ಎಂದು ಸಿಆರ್‌ಪಿಎಫ್ ಮಹಾನಿರ್ದೇಶಕ ಜಿ.ಪಿ. ಸಿಂಗ್ ಹೇಳಿದ್ದಾರೆ. ಗುವಾಹಟಿಯಲ್ಲಿ ಪತ್ರಿಕಾಗೋಷ್ಠಿಯಲ್ಲಿ ಮಾತನಾಡಿದ ಅವರು, ಕೇಂದ್ರ ಸಶಸ್ತ್ರ ಪೊಲೀಸ್ ಪಡೆಗಳು ಮತ್ತು ರಾಜ್ಯ ಪೊಲೀಸ್ ಪಡೆಗಳ ಜಂಟಿ ಕಾರ್ಯಾಚರಣೆಗಳಿಂದ ಮಾವೋವಾದಿಗಳ ಪ್ರಭಾವ ಗಣನೀಯವಾಗಿ ಕುಸಿದಿದೆ. ಛತ್ತೀಸ್‌ಗಢದ ಬಸ್ತರ್ ಪ್ರದೇಶದಲ್ಲಿ ಹೊಸ ಶಿಬಿರಗಳನ್ನು ಸ್ಥಾಪಿಸಲಾಗಿದೆ. ಅಭಿವೃದ್ಧಿ ಕಾರ್ಯಗಳು ಮತ್ತು ಶರಣಾಗತಿ ನೀತಿಯಿಂದಾಗಿ ಅನೇಕ ನಕ್ಸಲರು ಮುಖ್ಯವಾಹಿನಿಗೆ ಮರಳುತ್ತಿದ್ದಾರೆ. ಉಳಿದಿರುವ ಕೆಲವು ಗುಂಪುಗಳ ವಿರುದ್ಧವೂ ತೀವ್ರ ಕಾರ್ಯಾಚರಣೆ ಮುಂದುವರಿದಿದೆ. ಭದ್ರತಾ ಪಡೆಗಳ ಸಮನ್ವಯದಿಂದ ಉತ್ತಮ ಫಲಿತಾಂಶ ಲಭಿಸಿದೆ. ಸಂಪೂರ್ಣ ನಿರ್ಮೂಲನೆಗೆ ಪಣ ತೊಡಲಾಗಿದೆ. ಬುಡಕಟ್ಟು ಪ್ರದೇಶಗಳಲ್ಲಿ ರಸ್ತೆ, ಶಾಲೆ ಮತ್ತು ಆಸ್ಪತ್ರೆ ನಿರ್ಮಾಣ ಕಾರ್ಯ ಚುರುಕುಗೊಂಡಿದೆ ಎಂದರು.

ನಕ್ಸಲ್ ಪೀಡಿತ ಜಿಲ್ಲೆಗಳ ಸಂಖ್ಯೆ 7ಕ್ಕೆ ಇಳಿಕೆ
ಹೊಸದಿಲ್ಲಿ: ದೇಶದಲ್ಲಿ ನಕ್ಸಲ್ ಬಾಧಿತ ಜಿಲ್ಲೆಗಳ ಸಂಖ್ಯೆ ಗಣನೀಯವಾಗಿ ಇಳಿಕೆಯಾಗಿದ್ದು, ಇದೀಗ ಕೇವಲ 7 ಜಿಲ್ಲೆಗಳು ಮಾತ್ರ ಉಳಿದಿವೆ ಎಂದು ಕೇಂದ್ರ ಗೃಹ ಸಚಿವಾಲಯ ತಿಳಿಸಿದೆ. ಈ ಮೊದಲು ಈ ಸಂಖ್ಯೆ 126ರಷ್ಟಿತ್ತು. 2026ರ ಮಾರ್ಚ್ ಅಂತ್ಯದ ವೇಳೆಗೆ ದೇಶವನ್ನು ನಕ್ಸಲ್ ಮುಕ್ತಗೊಳಿಸುವ ಗುರಿ ಹೊಂದಲಾಗಿದೆ.
ಬಹುತೇಕ ಕೊನೆಗೊಂಡಿದೆ. ನಮ್ಮ ಕೇಂದ್ರ ಗೃಹ ಸಚಿವರು ಘೋಷಿಸಿರುವ 2026ರ ಮಾರ್ಚ್ ವೇಳೆಗೆ ಇದನ್ನು ನಿರ್ಮೂಲನೆ ಮಾಡುವ ಗುರಿಯನ್ನು ತಲುಪಲಿದ್ದೇವೆ ಎಂದು ಸಿಂಗ್ ಹೇಳಿದರು.
ಇನ್ನು 10 ದಿನಗಳಲ್ಲಿ ನಿರ್ಧಾರ ಎಂದ ಟ್ರಂಪ್
ಅಮೆರಿಕ - ಇರಾನ್ ಯುದ್ಧ ನಿಶ್ಚಿತ?

ಹೊಸದಿಲ್ಲಿ/ವಾಷಿಂಗ್ಟನ್: ಅಮೆರಿಕ-ಇರಾನ್ ನಡುವಿನ ಉದ್ವಿಗ್ನತೆ ಮತ್ತಷ್ಟು ಉಲ್ಬಣಗೊಂಡಿದ್ದು, ಇರಾನ್ ಜೊತೆ ಒಪ್ಪಂದ ಮಾಡಿಕೊಳ್ಳಬೇಕೆ ಅಥವಾ ಮಿಲಿಟರಿ ಕ್ರಮ ಕೈಗೊಳ್ಳಬೇಕೆ ಎಂಬುದನ್ನು ಮುಂದಿನ 10 ದಿನಗಳಲ್ಲಿ ನಿರ್ಧರಿಸಲಾಗುವುದು ಎಂದು ಅಧ್ಯಕ್ಷ ಡೊನಾಲ್ಡ್ ಟ್ರಂಪ್ ಹೇಳಿದ್ದಾರೆ. ವಾಷಿಂಗ್ಟನ್‌ನಲ್ಲಿ ನಡೆದ ಬೋರ್ಡ್ ಆಫ್ ಪೀಸ್‌ನ ಮೊದಲ ಸಭೆಯಲ್ಲಿ ಮಾತನಾಡಿದ ಅವರು, ಇರಾನ್ ಪರಮಾಣು ಕಾರ್ಯಕ್ರಮ ನಿಲ್ಲಿಸದಿದ್ದರೆ ಕಠಿಣ ಪರಿಣಾಮ ಎದುರಿಸಬೇಕಾಗುತ್ತದೆ ಎಂದು ಎಚ್ಚರಿಸಿದರು. ಪಶ್ಚಿಮ ಏಷ್ಯಾದಲ್ಲಿ ಅಮೆರಿಕ ತನ್ನ ಸೇನಾ ಬಲವನ್ನು ಹೆಚ್ಚಿಸುತ್ತಿದ್ದು, ಯುದ್ಧ ನೌಕೆಗಳು ಮತ್ತು ಯುದ್ಧ ವಿಮಾನಗಳನ್ನು ನಿಯೋಜಿಸಿದೆ. ಈ ಬೆಳವಣಿಗೆಯಿಂದ ತೈಲ ಮಾರುಕಟ್ಟೆಯಲ್ಲಿ ಆತಂಕ ಮನೆಮಾಡಿದೆ. ಒಪ್ಪಂದಕ್ಕೆ ಇರಾನ್ ಒಪ್ಪದಿದ್ದರೆ ಬಲಪ್ರಯೋಗ ಅನಿವಾರ್ಯ ಎಂದು ಟ್ರಂಪ್ ಪುನರುಚ್ಚರಿಸಿದ್ದಾರೆ. ರಾಜತಾಂತ್ರಿಕ ಮಾತುಕತೆಗೆ ಇನ್ನೂ ಅವಕಾಶವಿದೆ ಎಂದು ಯುರೋಪಿಯನ್ ರಾಷ್ಟ್ರಗಳು ಒತ್ತಾಯಿಸಿವೆ. ಇರಾನ್ ವಿದೇಶಾಂಗ ಸಚಿವರು ಅಮೆರಿಕದ ಬೆದರಿಕೆಗೆ ಮಣಿಯುವುದಿಲ್ಲ ಎಂದು ತಿರುಗೇಟು ನೀಡಿದ್ದಾರೆ. ಜಿನೀವಾದಲ್ಲಿ ನಡೆದ ಮಾತುಕತೆ ವಿಫಲವಾಗಿದೆ.

ಷೇರುಪೇಟೆಗೆ ಯುದ್ಧದ ಭೀತಿ
ಮುಂಬೈ: ಅಮೆರಿಕ ಮತ್ತು ಇರಾನ್ ನಡುವೆ ಯುದ್ಧ ಸನ್ನಿವೇಶ ಸೃಷ್ಟಿಯಾಗಿರುವ ಹಿನ್ನೆಲೆಯಲ್ಲಿ ಷೇರು ಮಾರುಕಟ್ಟೆ ತೀವ್ರ ಕುಸಿತ ಕಂಡಿದೆ. ಬಾಂಬೆ ಷೇರುಪೇಟೆ ಸಂವೇದಿ ಸೂಚ್ಯಂಕ ಸೆನ್ಸೆಕ್ಸ್ 1,236.11 ಅಂಕಗಳ (ಶೇ.1.48) ಕುಸಿತ ಕಂಡು 82,498.14ಕ್ಕೆ ಮುಕ್ತಾಯಗೊಂಡಿತು. ಎನ್‌ಎಸ್‌ಇ ನಿಫ್ಟಿ 365 ಅಂಕಗಳು (ಶೇ.1.41) ಕುಸಿದು 25,454.35ಕ್ಕೆ ತಲುಪಿತು. ಮಾರುಕಟ್ಟೆ ದಿನದ ವಹಿವಾಟಿನ ಆರಂಭದಲ್ಲಿ ಸೆನ್ಸೆಕ್ಸ್ 83,264.20 ಅಂಕ ಮತ್ತು ನಿಫ್ಟಿ 25,388.75 ಅಂಕಗಳಲ್ಲಿ ವಹಿವಾಟು ನಡೆಯಿತು. ಹೂಡಿಕೆದಾರರಿಗೆ ಸುಮಾರು 430 ಅಂಕಗಳ ನಷ್ಟ ಉಂಟಾಗಿದೆ.
ಚಿನ್ನ ಬಂಗಾರ (ಬೆಂಗಳೂರು)	ಚಿನ್ನ 2,51,000(2,44,000)	ಆಭರಣ ಚಿನ್ನ 15,480(15,132)	ಆಭರಣ ಚಿನ್ನ 14,415(14,135)	ಚಿನ್ನ 1 ಗ್ರಾಂ.ಗೆ, ಬೆಳ್ಳಿ 1 ಕೆ.ಜಿ.ಗೆ, ರೂ.ಗಳಲ್ಲಿ (ಆವರಣದಲ್ಲಿ ಹಿಂದಿನ ದಿನದ ದರ)	ಷೇರು ಸೂಚ್ಯಂಕ	ಬಿಎಸ್‌ಇ 82,498(-1,236▼) ಎನ್‌ಎಸ್‌ಇ 25,454(365▼) $1 = ₹90.68
